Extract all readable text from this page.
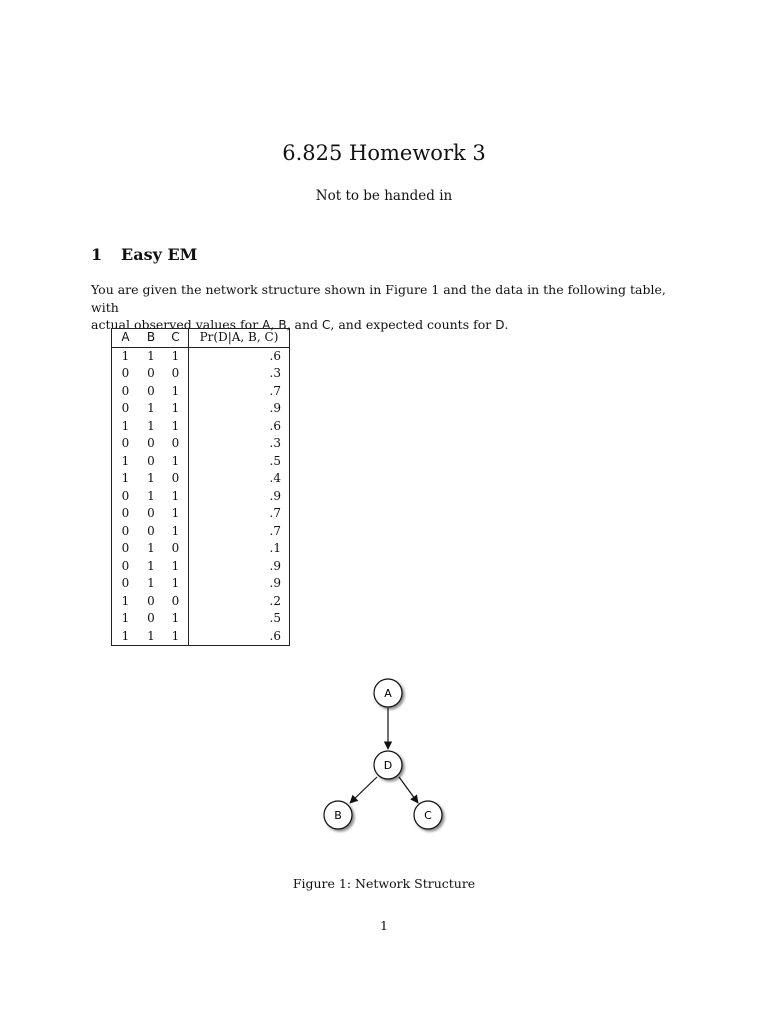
6.825 Homework 3
Not to be handed in
1 Easy EM
You are given the network structure shown in Figure 1 and the data in the following table, with
actual observed values for A, B, and C, and expected counts for D.
A	B	C	Pr(D|A, B, C)
1	1	1	.6
0	0	0	.3
0	0	1	.7
0	1	1	.9
1	1	1	.6
0	0	0	.3
1	0	1	.5
1	1	0	.4
0	1	1	.9
0	0	1	.7
0	0	1	.7
0	1	0	.1
0	1	1	.9
0	1	1	.9
1	0	0	.2
1	0	1	.5
1	1	1	.6
A
D
B	C
Figure 1: Network Structure
1
